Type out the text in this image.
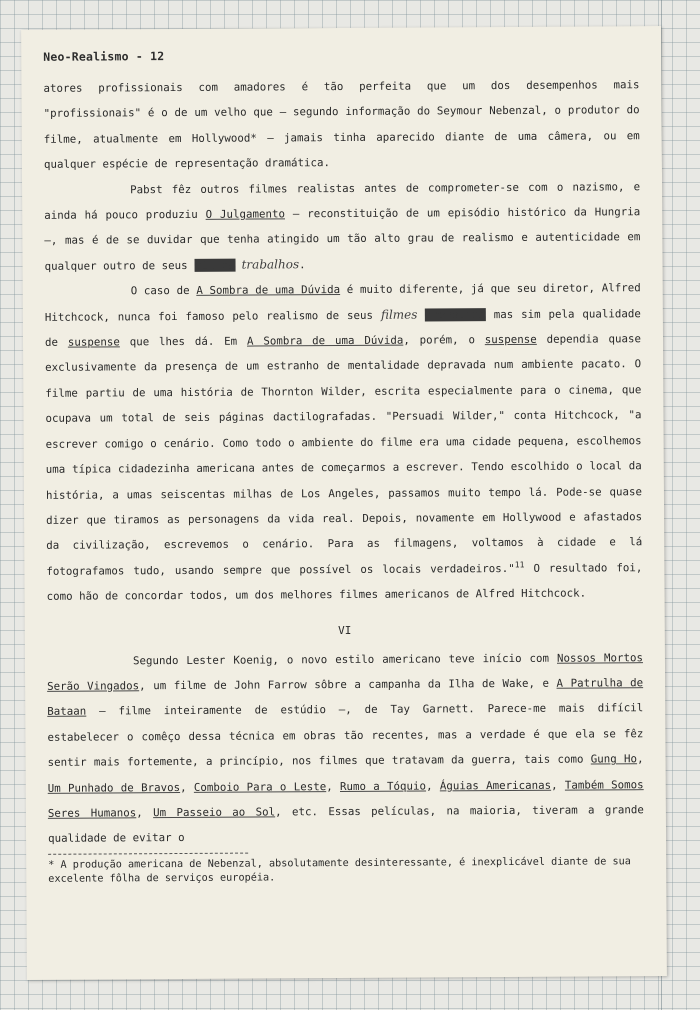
Neo-Realismo - 12

atores profissionais com amadores é tão perfeita que um dos desempenhos mais "profissionais" é o de um velho que — segundo informação do Seymour Nebenzal, o produtor do filme, atualmente em Hollywood* — jamais tinha aparecido diante de uma câmera, ou em qualquer espécie de representação dramática.

Pabst fêz outros filmes realistas antes de comprometer-se com o nazismo, e ainda há pouco produziu O Julgamento — reconstituição de um episódio histórico da Hungria —, mas é de se duvidar que tenha atingido um tão alto grau de realismo e autenticidade em qualquer outro de seus filmes trabalhos.

O caso de A Sombra de uma Dúvida é muito diferente, já que seu diretor, Alfred Hitchcock, nunca foi famoso pelo realismo de seus filmes trabalhos mas sim pela qualidade de suspense que lhes dá. Em A Sombra de uma Dúvida, porém, o suspense dependia quase exclusivamente da presença de um estranho de mentalidade depravada num ambiente pacato. O filme partiu de uma história de Thornton Wilder, escrita especialmente para o cinema, que ocupava um total de seis páginas dactilografadas. "Persuadi Wilder," conta Hitchcock, "a escrever comigo o cenário. Como todo o ambiente do filme era uma cidade pequena, escolhemos uma típica cidadezinha americana antes de começarmos a escrever. Tendo escolhido o local da história, a umas seiscentas milhas de Los Angeles, passamos muito tempo lá. Pode-se quase dizer que tiramos as personagens da vida real. Depois, novamente em Hollywood e afastados da civilização, escrevemos o cenário. Para as filmagens, voltamos à cidade e lá fotografamos tudo, usando sempre que possível os locais verdadeiros."$^{11}$ O resultado foi, como hão de concordar todos, um dos melhores filmes americanos de Alfred Hitchcock.

VI

Segundo Lester Koenig, o novo estilo americano teve início com Nossos Mortos Serão Vingados, um filme de John Farrow sôbre a campanha da Ilha de Wake, e A Patrulha de Bataan — filme inteiramente de estúdio —, de Tay Garnett. Parece-me mais difícil estabelecer o comêço dessa técnica em obras tão recentes, mas a verdade é que ela se fêz sentir mais fortemente, a princípio, nos filmes que tratavam da guerra, tais como Gung Ho, Um Punhado de Bravos, Comboio Para o Leste, Rumo a Tóquio, Águias Americanas, Também Somos Seres Humanos, Um Passeio ao Sol, etc. Essas películas, na maioria, tiveram a grande qualidade de evitar o

* A produção americana de Nebenzal, absolutamente desinteressante, é inexplicável diante de sua excelente fôlha de serviços européia.
